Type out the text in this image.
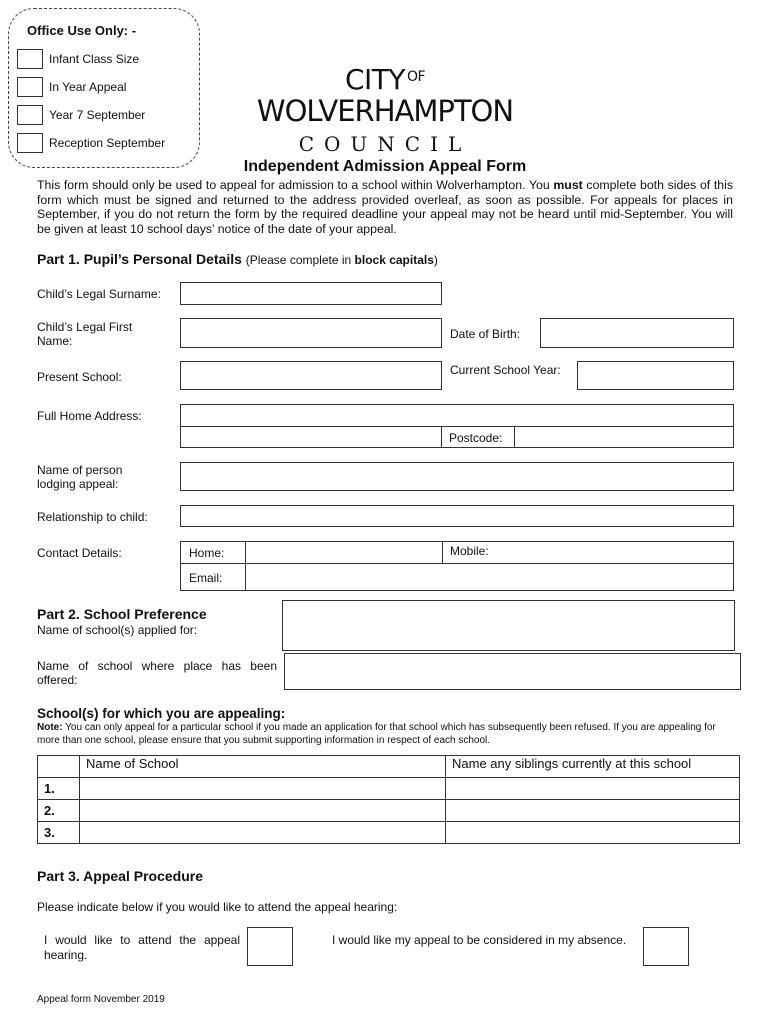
Office Use Only: -
Infant Class Size
In Year Appeal
Year 7 September
Reception September
CITY $^{OF}$
WOLVERHAMPTON
COUNCIL
Independent Admission Appeal Form
This form should only be used to appeal for admission to a school within Wolverhampton. You must complete both sides of this form which must be signed and returned to the address provided overleaf, as soon as possible. For appeals for places in September, if you do not return the form by the required deadline your appeal may not be heard until mid-September. You will be given at least 10 school days’ notice of the date of your appeal.
Part 1. Pupil’s Personal Details (Please complete in block capitals)
Child’s Legal Surname:
Child’s Legal First Name:	Date of Birth:
Present School:	Current School Year:
Full Home Address:
Postcode:
Name of person lodging appeal:
Relationship to child:
Contact Details:	Home:	Mobile:
Email:
Part 2. School Preference
Name of school(s) applied for:
Name of school where place has been offered:
School(s) for which you are appealing:
Note: You can only appeal for a particular school if you made an application for that school which has subsequently been refused. If you are appealing for more than one school, please ensure that you submit supporting information in respect of each school.
	Name of School	Name any siblings currently at this school
1.		
2.		
3.		
Part 3. Appeal Procedure
Please indicate below if you would like to attend the appeal hearing:
I would like to attend the appeal hearing.
I would like my appeal to be considered in my absence.
Appeal form November 2019
